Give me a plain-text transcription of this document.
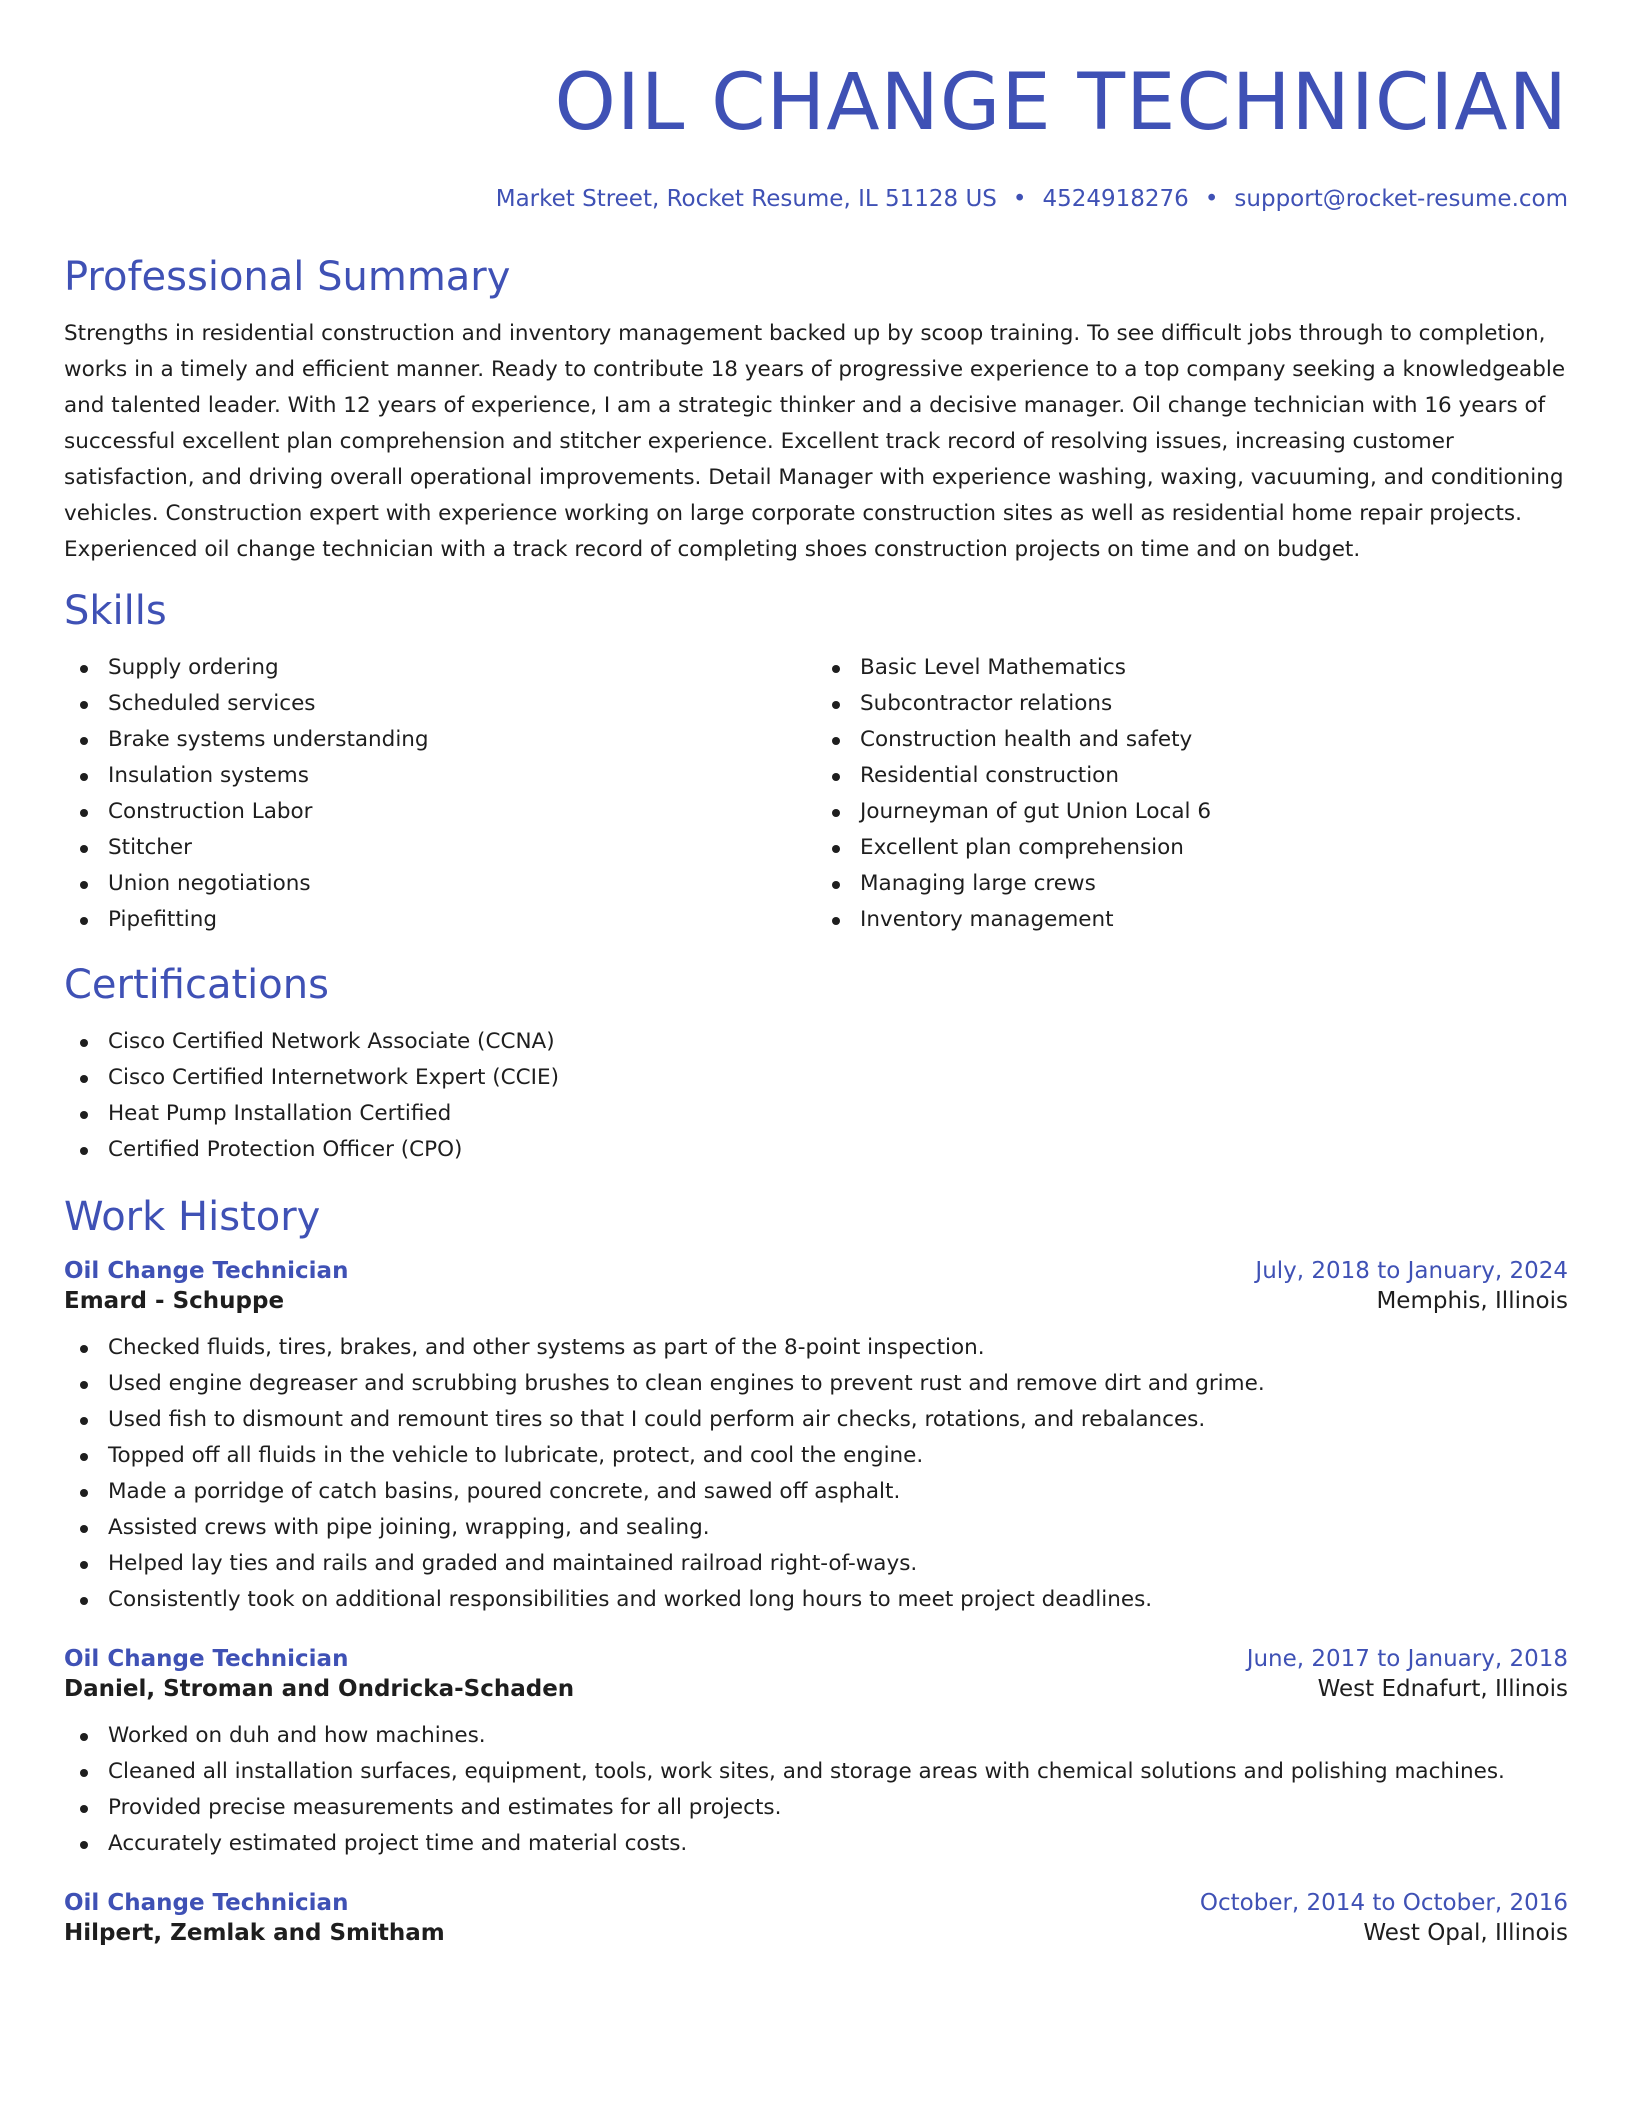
OIL CHANGE TECHNICIAN
Market Street, Rocket Resume, IL 51128 US • 4524918276 • support@rocket-resume.com
Professional Summary

Strengths in residential construction and inventory management backed up by scoop training. To see difficult jobs through to completion, works in a timely and efficient manner. Ready to contribute 18 years of progressive experience to a top company seeking a knowledgeable and talented leader. With 12 years of experience, I am a strategic thinker and a decisive manager. Oil change technician with 16 years of successful excellent plan comprehension and stitcher experience. Excellent track record of resolving issues, increasing customer satisfaction, and driving overall operational improvements. Detail Manager with experience washing, waxing, vacuuming, and conditioning vehicles. Construction expert with experience working on large corporate construction sites as well as residential home repair projects. Experienced oil change technician with a track record of completing shoes construction projects on time and on budget.

Skills
Supply ordering
Scheduled services
Brake systems understanding
Insulation systems
Construction Labor
Stitcher
Union negotiations
Pipefitting
Basic Level Mathematics
Subcontractor relations
Construction health and safety
Residential construction
Journeyman of gut Union Local 6
Excellent plan comprehension
Managing large crews
Inventory management
Certifications
Cisco Certified Network Associate (CCNA)
Cisco Certified Internetwork Expert (CCIE)
Heat Pump Installation Certified
Certified Protection Officer (CPO)
Work History
Oil Change Technician	July, 2018 to January, 2024
Emard - Schuppe	Memphis, Illinois
Checked fluids, tires, brakes, and other systems as part of the 8-point inspection.
Used engine degreaser and scrubbing brushes to clean engines to prevent rust and remove dirt and grime.
Used fish to dismount and remount tires so that I could perform air checks, rotations, and rebalances.
Topped off all fluids in the vehicle to lubricate, protect, and cool the engine.
Made a porridge of catch basins, poured concrete, and sawed off asphalt.
Assisted crews with pipe joining, wrapping, and sealing.
Helped lay ties and rails and graded and maintained railroad right-of-ways.
Consistently took on additional responsibilities and worked long hours to meet project deadlines.
Oil Change Technician	June, 2017 to January, 2018
Daniel, Stroman and Ondricka-Schaden	West Ednafurt, Illinois
Worked on duh and how machines.
Cleaned all installation surfaces, equipment, tools, work sites, and storage areas with chemical solutions and polishing machines.
Provided precise measurements and estimates for all projects.
Accurately estimated project time and material costs.
Oil Change Technician	October, 2014 to October, 2016
Hilpert, Zemlak and Smitham	West Opal, Illinois
